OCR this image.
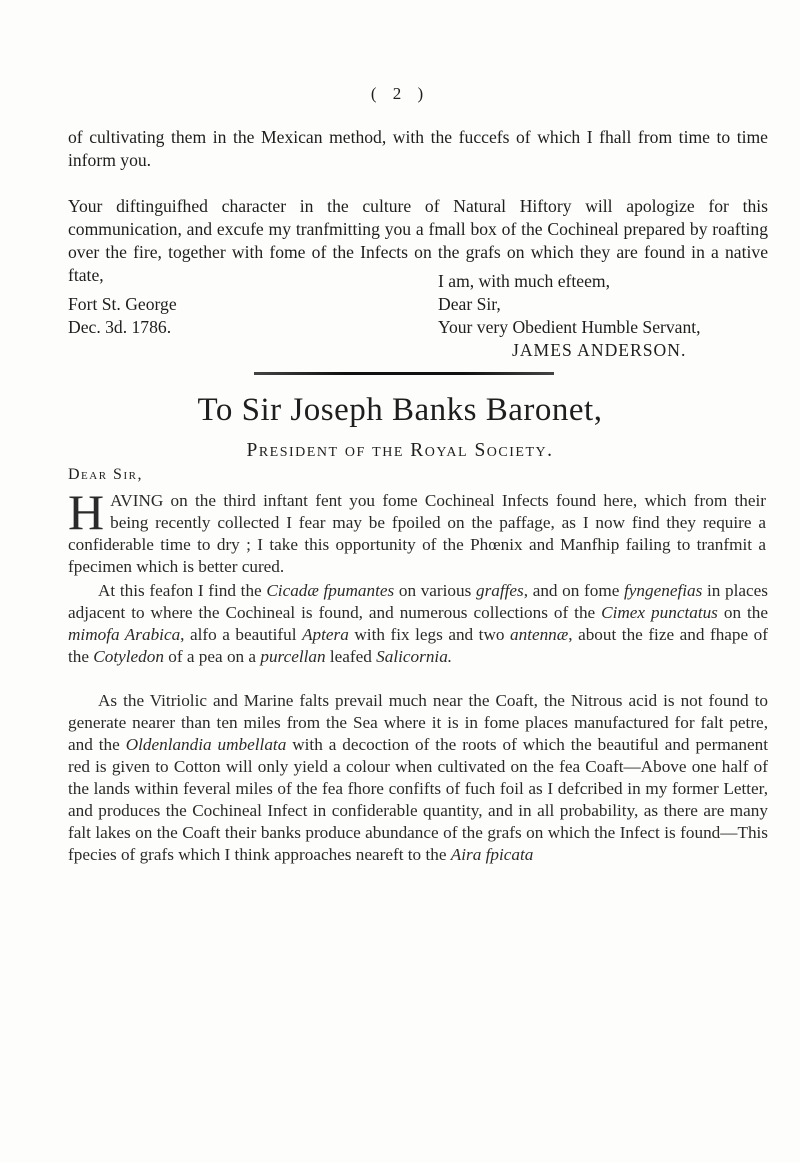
( 2 )

of cultivating them in the Mexican method, with the fuccefs of which I fhall from time to time inform you.

Your diftinguifhed character in the culture of Natural Hiftory will apologize for this communication, and excufe my tranfmitting you a fmall box of the Cochineal prepared by roafting over the fire, together with fome of the Infects on the grafs on which they are found in a native ftate,	I am, with much efteem,
Fort St. George	Dear Sir,
Dec. 3d. 1786.	Your very Obedient Humble Servant,
JAMES ANDERSON.
To Sir Joseph Banks Baronet,
President of the Royal Society.
Dear Sir,

HAVING on the third inftant fent you fome Cochineal Infects found here, which from their being recently collected I fear may be fpoiled on the paffage, as I now find they require a confiderable time to dry ; I take this opportunity of the Phœnix and Manfhip failing to tranfmit a fpecimen which is better cured.

At this feafon I find the Cicadæ fpumantes on various graffes, and on fome fyngenefias in places adjacent to where the Cochineal is found, and numerous collections of the Cimex punctatus on the mimofa Arabica, alfo a beautiful Aptera with fix legs and two antennæ, about the fize and fhape of the Cotyledon of a pea on a purcellan leafed Salicornia.

As the Vitriolic and Marine falts prevail much near the Coaft, the Nitrous acid is not found to generate nearer than ten miles from the Sea where it is in fome places manufactured for falt petre, and the Oldenlandia umbellata with a decoction of the roots of which the beautiful and permanent red is given to Cotton will only yield a colour when cultivated on the fea Coaft—Above one half of the lands within feveral miles of the fea fhore confifts of fuch foil as I defcribed in my former Letter, and produces the Cochineal Infect in confiderable quantity, and in all probability, as there are many falt lakes on the Coaft their banks produce abundance of the grafs on which the Infect is found—This fpecies of grafs which I think approaches neareft to the Aira fpicata
